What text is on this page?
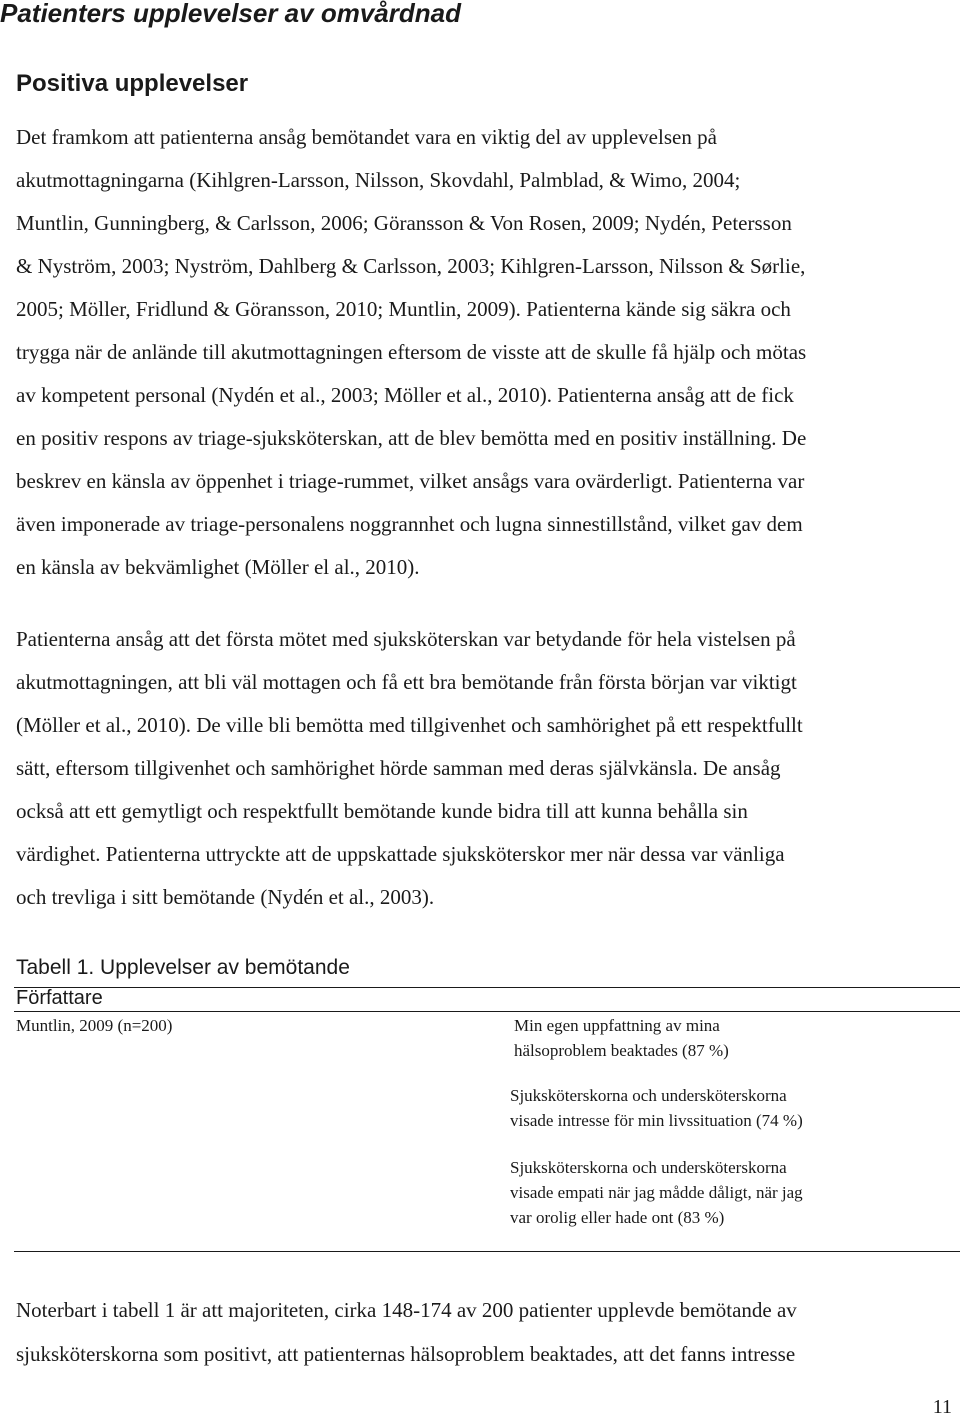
Patienters upplevelser av omvårdnad
Positiva upplevelser

Det framkom att patienterna ansåg bemötandet vara en viktig del av upplevelsen på
akutmottagningarna (Kihlgren-Larsson, Nilsson, Skovdahl, Palmblad, & Wimo, 2004;
Muntlin, Gunningberg, & Carlsson, 2006; Göransson & Von Rosen, 2009; Nydén, Petersson
& Nyström, 2003; Nyström, Dahlberg & Carlsson, 2003; Kihlgren-Larsson, Nilsson & Sørlie,
2005; Möller, Fridlund & Göransson, 2010; Muntlin, 2009). Patienterna kände sig säkra och
trygga när de anlände till akutmottagningen eftersom de visste att de skulle få hjälp och mötas
av kompetent personal (Nydén et al., 2003; Möller et al., 2010). Patienterna ansåg att de fick
en positiv respons av triage-sjuksköterskan, att de blev bemötta med en positiv inställning. De
beskrev en känsla av öppenhet i triage-rummet, vilket ansågs vara ovärderligt. Patienterna var
även imponerade av triage-personalens noggrannhet och lugna sinnestillstånd, vilket gav dem
en känsla av bekvämlighet (Möller el al., 2010).

Patienterna ansåg att det första mötet med sjuksköterskan var betydande för hela vistelsen på
akutmottagningen, att bli väl mottagen och få ett bra bemötande från första början var viktigt
(Möller et al., 2010). De ville bli bemötta med tillgivenhet och samhörighet på ett respektfullt
sätt, eftersom tillgivenhet och samhörighet hörde samman med deras självkänsla. De ansåg
också att ett gemytligt och respektfullt bemötande kunde bidra till att kunna behålla sin
värdighet. Patienterna uttryckte att de uppskattade sjuksköterskor mer när dessa var vänliga
och trevliga i sitt bemötande (Nydén et al., 2003).

Tabell 1. Upplevelser av bemötande
Författare
Muntlin, 2009 (n=200)	Min egen uppfattning av mina
hälsoproblem beaktades (87 %)
Sjuksköterskorna och undersköterskorna
visade intresse för min livssituation (74 %)
Sjuksköterskorna och undersköterskorna
visade empati när jag mådde dåligt, när jag
var orolig eller hade ont (83 %)

Noterbart i tabell 1 är att majoriteten, cirka 148-174 av 200 patienter upplevde bemötande av
sjuksköterskorna som positivt, att patienternas hälsoproblem beaktades, att det fanns intresse

11
